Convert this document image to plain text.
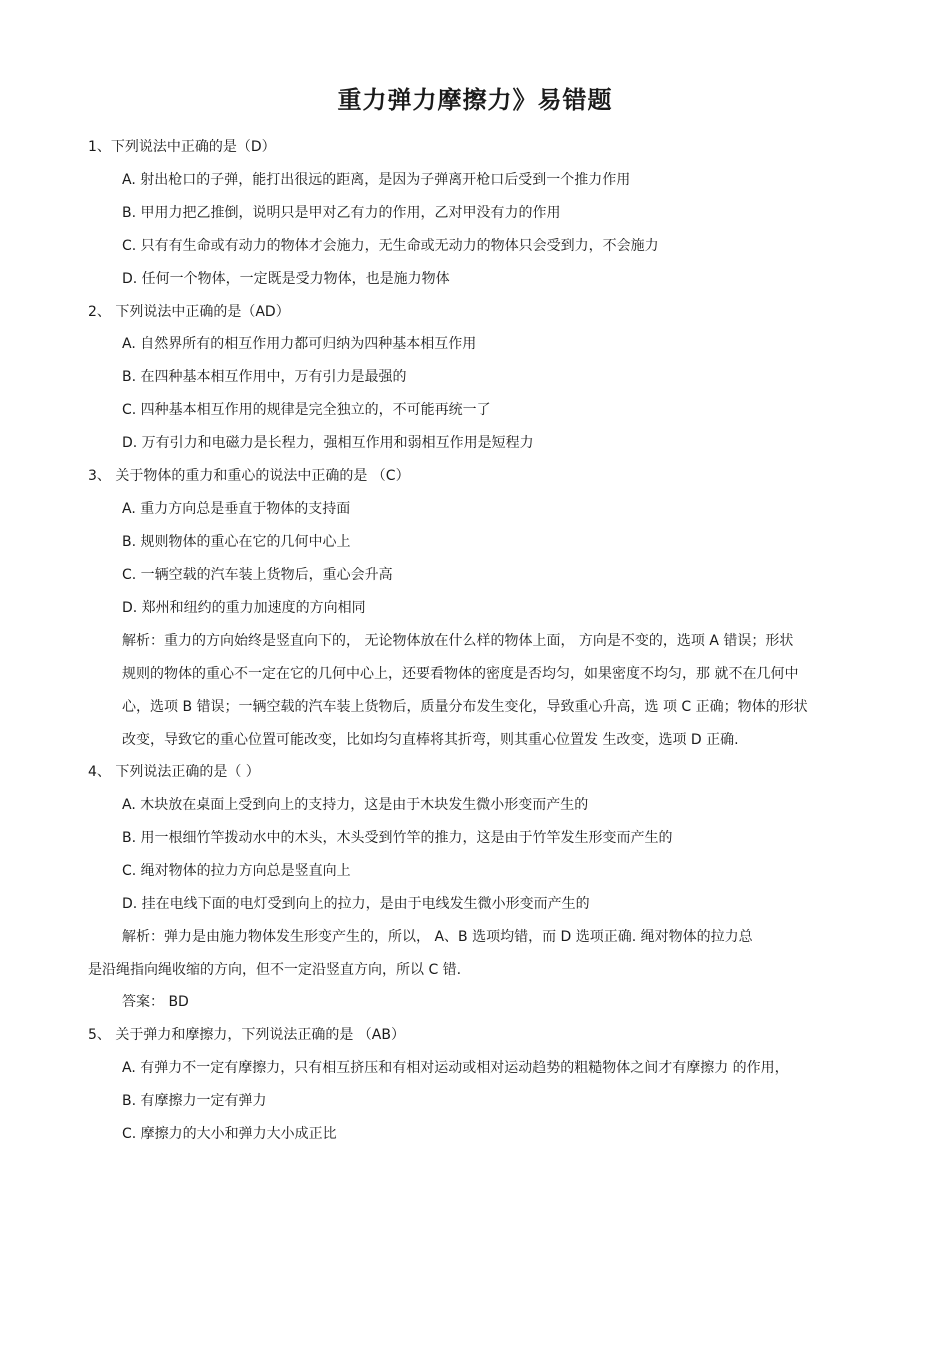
重力弹力摩擦力》易错题
1、下列说法中正确的是（D）
A. 射出枪口的子弹，能打出很远的距离，是因为子弹离开枪口后受到一个推力作用
B. 甲用力把乙推倒，说明只是甲对乙有力的作用，乙对甲没有力的作用
C. 只有有生命或有动力的物体才会施力，无生命或无动力的物体只会受到力，不会施力
D. 任何一个物体，一定既是受力物体，也是施力物体
2、 下列说法中正确的是（AD）
A. 自然界所有的相互作用力都可归纳为四种基本相互作用
B. 在四种基本相互作用中，万有引力是最强的
C. 四种基本相互作用的规律是完全独立的，不可能再统一了
D. 万有引力和电磁力是长程力，强相互作用和弱相互作用是短程力
3、 关于物体的重力和重心的说法中正确的是 （C）
A. 重力方向总是垂直于物体的支持面
B. 规则物体的重心在它的几何中心上
C. 一辆空载的汽车装上货物后，重心会升高
D. 郑州和纽约的重力加速度的方向相同
解析：重力的方向始终是竖直向下的， 无论物体放在什么样的物体上面， 方向是不变的，选项 A 错误；形状
规则的物体的重心不一定在它的几何中心上，还要看物体的密度是否均匀，如果密度不均匀，那 就不在几何中
心，选项 B 错误；一辆空载的汽车装上货物后，质量分布发生变化，导致重心升高，选 项 C 正确；物体的形状
改变，导致它的重心位置可能改变，比如均匀直棒将其折弯，则其重心位置发 生改变，选项 D 正确.
4、 下列说法正确的是（ ）
A. 木块放在桌面上受到向上的支持力，这是由于木块发生微小形变而产生的
B. 用一根细竹竿拨动水中的木头，木头受到竹竿的推力，这是由于竹竿发生形变而产生的
C. 绳对物体的拉力方向总是竖直向上
D. 挂在电线下面的电灯受到向上的拉力，是由于电线发生微小形变而产生的
解析：弹力是由施力物体发生形变产生的，所以， A、B 选项均错，而 D 选项正确. 绳对物体的拉力总
是沿绳指向绳收缩的方向，但不一定沿竖直方向，所以 C 错.
答案： BD
5、 关于弹力和摩擦力，下列说法正确的是 （AB）
A. 有弹力不一定有摩擦力，只有相互挤压和有相对运动或相对运动趋势的粗糙物体之间才有摩擦力 的作用，
B. 有摩擦力一定有弹力
C. 摩擦力的大小和弹力大小成正比
